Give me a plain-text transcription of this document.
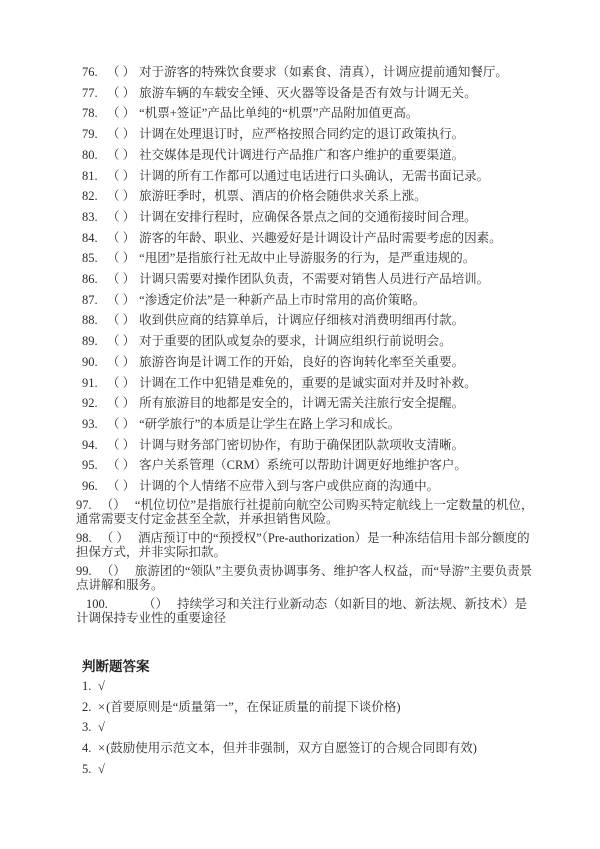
76. （ ） 对于游客的特殊饮食要求（如素食、清真），计调应提前通知餐厅。
77. （ ） 旅游车辆的车载安全锤、灭火器等设备是否有效与计调无关。
78. （ ） “机票+签证”产品比单纯的“机票”产品附加值更高。
79. （ ） 计调在处理退订时，应严格按照合同约定的退订政策执行。
80. （ ） 社交媒体是现代计调进行产品推广和客户维护的重要渠道。
81. （ ） 计调的所有工作都可以通过电话进行口头确认，无需书面记录。
82. （ ） 旅游旺季时，机票、酒店的价格会随供求关系上涨。
83. （ ） 计调在安排行程时，应确保各景点之间的交通衔接时间合理。
84. （ ） 游客的年龄、职业、兴趣爱好是计调设计产品时需要考虑的因素。
85. （ ） “甩团”是指旅行社无故中止导游服务的行为，是严重违规的。
86. （ ） 计调只需要对操作团队负责，不需要对销售人员进行产品培训。
87. （ ） “渗透定价法”是一种新产品上市时常用的高价策略。
88. （ ） 收到供应商的结算单后，计调应仔细核对消费明细再付款。
89. （ ） 对于重要的团队或复杂的要求，计调应组织行前说明会。
90. （ ） 旅游咨询是计调工作的开始，良好的咨询转化率至关重要。
91. （ ） 计调在工作中犯错是难免的，重要的是诚实面对并及时补救。
92. （ ） 所有旅游目的地都是安全的，计调无需关注旅行安全提醒。
93. （ ） “研学旅行”的本质是让学生在路上学习和成长。
94. （ ） 计调与财务部门密切协作，有助于确保团队款项收支清晰。
95. （ ） 客户关系管理（CRM）系统可以帮助计调更好地维护客户。
96. （ ） 计调的个人情绪不应带入到与客户或供应商的沟通中。
97. （） “机位切位”是指旅行社提前向航空公司购买特定航线上一定数量的机位，通常需要支付定金甚至全款，并承担销售风险。
98. （ ） 酒店预订中的“预授权”（Pre-authorization）是一种冻结信用卡部分额度的担保方式，并非实际扣款。
99. （） 旅游团的“领队”主要负责协调事务、维护客人权益，而“导游”主要负责景点讲解和服务。
100.	（） 持续学习和关注行业新动态（如新目的地、新法规、新技术）是计调保持专业性的重要途径
判断题答案
1. √
2. × (首要原则是“质量第一”，在保证质量的前提下谈价格)
3. √
4. × (鼓励使用示范文本，但并非强制，双方自愿签订的合规合同即有效)
5. √
